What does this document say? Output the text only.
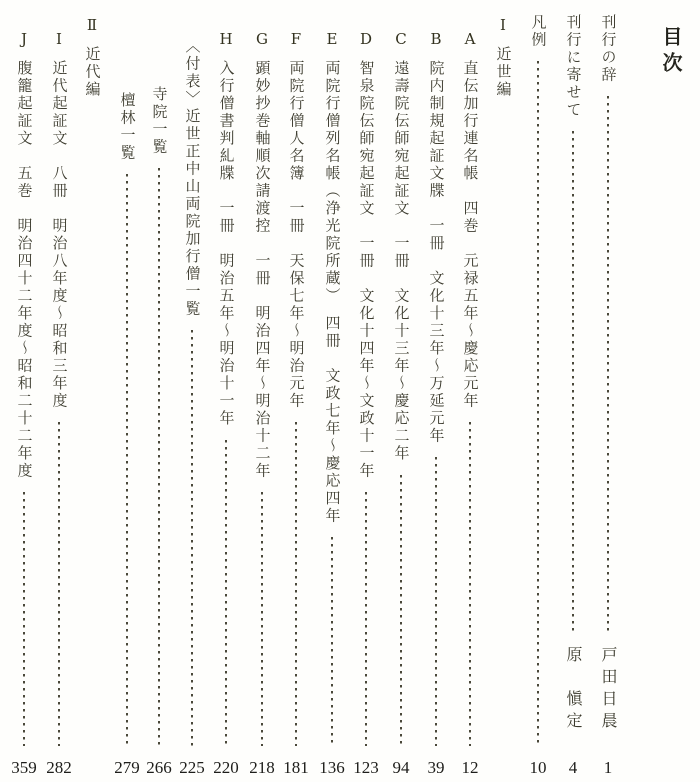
目次
刊行の辞
戸田日晨
1
刊行に寄せて
原　愼定
4
凡例
10
Ⅰ
近世編
A
直伝加行連名帳　四巻　元禄五年〜慶応元年
12
B
院内制規起証文牒　一冊　文化十三年〜万延元年
39
C
遠壽院伝師宛起証文　一冊　文化十三年〜慶応二年
94
D
智泉院伝師宛起証文　一冊　文化十四年〜文政十一年
123
E
両院行僧列名帳（浄光院所蔵）　四冊　文政七年〜慶応四年
136
F
両院行僧人名簿　一冊　天保七年〜明治元年
181
G
顕妙抄巻軸順次請渡控　一冊　明治四年〜明治十二年
218
H
入行僧書判糺牒　一冊　明治五年〜明治十一年
220
〈付表〉近世正中山両院加行僧一覧
225
寺院一覧
266
檀林一覧
279
Ⅱ
近代編
I
近代起証文　八冊　明治八年度〜昭和三年度
282
J
腹籠起証文　五巻　明治四十二年度〜昭和二十二年度
359
